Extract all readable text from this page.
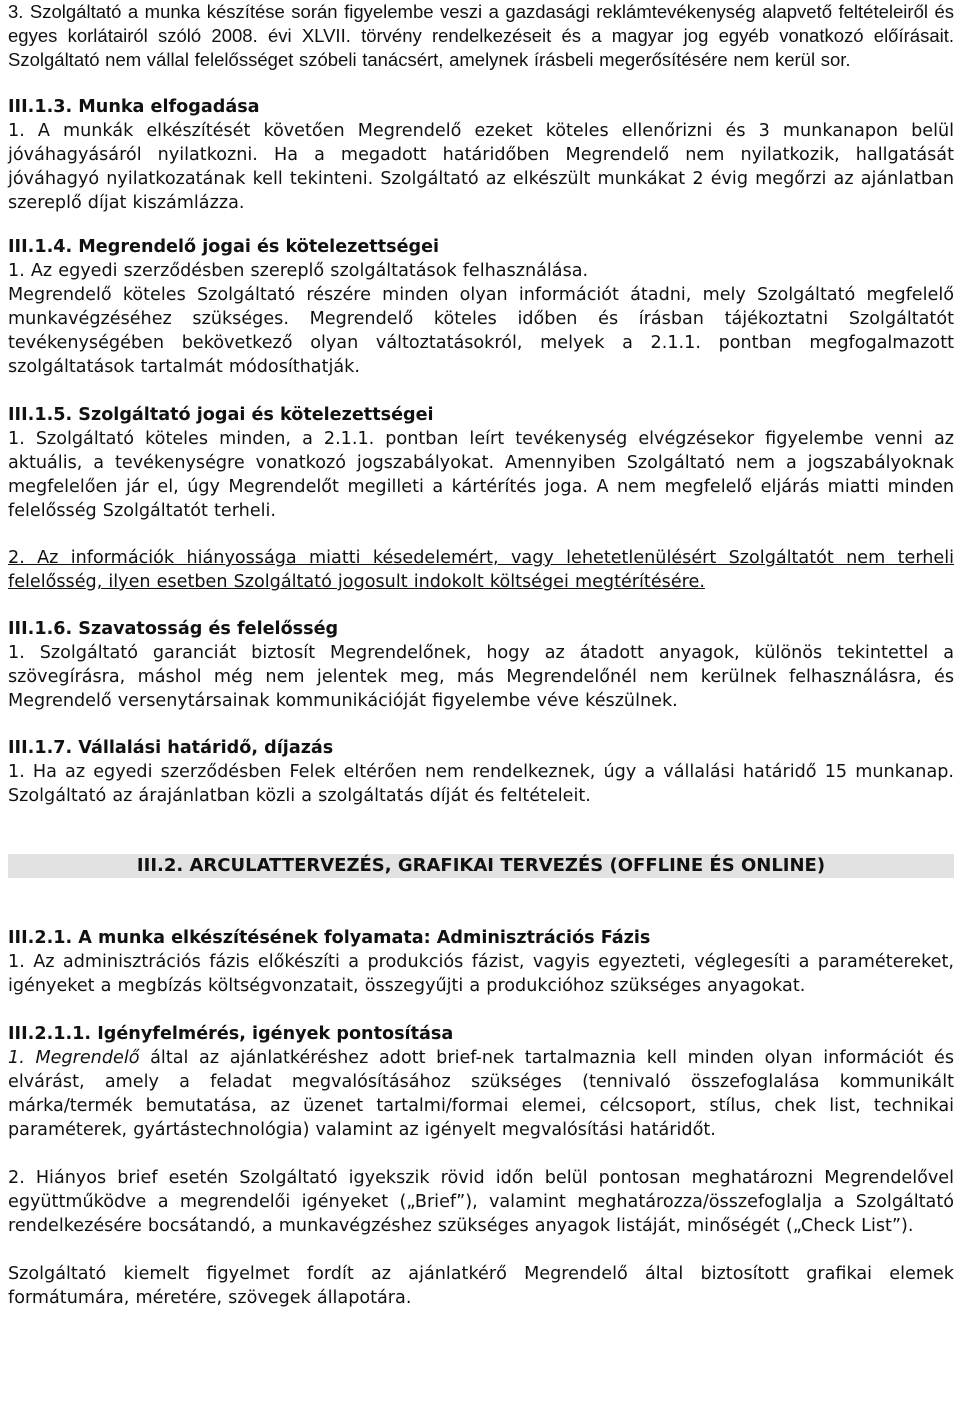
3. Szolgáltató a munka készítése során figyelembe veszi a gazdasági reklámtevékenység alapvető feltételeiről és egyes korlátairól szóló 2008. évi XLVII. törvény rendelkezéseit és a magyar jog egyéb vonatkozó előírásait. Szolgáltató nem vállal felelősséget szóbeli tanácsért, amelynek írásbeli megerősítésére nem kerül sor.

III.1.3. Munka elfogadása

1. A munkák elkészítését követően Megrendelő ezeket köteles ellenőrizni és 3 munkanapon belül jóváhagyásáról nyilatkozni. Ha a megadott határidőben Megrendelő nem nyilatkozik, hallgatását jóváhagyó nyilatkozatának kell tekinteni. Szolgáltató az elkészült munkákat 2 évig megőrzi az ajánlatban szereplő díjat kiszámlázza.

III.1.4. Megrendelő jogai és kötelezettségei

1. Az egyedi szerződésben szereplő szolgáltatások felhasználása.

Megrendelő köteles Szolgáltató részére minden olyan információt átadni, mely Szolgáltató megfelelő munkavégzéséhez szükséges. Megrendelő köteles időben és írásban tájékoztatni Szolgáltatót tevékenységében bekövetkező olyan változtatásokról, melyek a 2.1.1. pontban megfogalmazott szolgáltatások tartalmát módosíthatják.

III.1.5. Szolgáltató jogai és kötelezettségei

1. Szolgáltató köteles minden, a 2.1.1. pontban leírt tevékenység elvégzésekor figyelembe venni az aktuális, a tevékenységre vonatkozó jogszabályokat. Amennyiben Szolgáltató nem a jogszabályoknak megfelelően jár el, úgy Megrendelőt megilleti a kártérítés joga. A nem megfelelő eljárás miatti minden felelősség Szolgáltatót terheli.

2. Az információk hiányossága miatti késedelemért, vagy lehetetlenülésért Szolgáltatót nem terheli felelősség, ilyen esetben Szolgáltató jogosult indokolt költségei megtérítésére.

III.1.6. Szavatosság és felelősség

1. Szolgáltató garanciát biztosít Megrendelőnek, hogy az átadott anyagok, különös tekintettel a szövegírásra, máshol még nem jelentek meg, más Megrendelőnél nem kerülnek felhasználásra, és Megrendelő versenytársainak kommunikációját figyelembe véve készülnek.

III.1.7. Vállalási határidő, díjazás

1. Ha az egyedi szerződésben Felek eltérően nem rendelkeznek, úgy a vállalási határidő 15 munkanap. Szolgáltató az árajánlatban közli a szolgáltatás díját és feltételeit.

III.2. ARCULATTERVEZÉS, GRAFIKAI TERVEZÉS (OFFLINE ÉS ONLINE)
III.2.1. A munka elkészítésének folyamata: Adminisztrációs Fázis

1. Az adminisztrációs fázis előkészíti a produkciós fázist, vagyis egyezteti, véglegesíti a paramétereket, igényeket a megbízás költségvonzatait, összegyűjti a produkcióhoz szükséges anyagokat.

III.2.1.1. Igényfelmérés, igények pontosítása

1. Megrendelő által az ajánlatkéréshez adott brief-nek tartalmaznia kell minden olyan információt és elvárást, amely a feladat megvalósításához szükséges (tennivaló összefoglalása kommunikált márka/termék bemutatása, az üzenet tartalmi/formai elemei, célcsoport, stílus, chek list, technikai paraméterek, gyártástechnológia) valamint az igényelt megvalósítási határidőt.

2. Hiányos brief esetén Szolgáltató igyekszik rövid időn belül pontosan meghatározni Megrendelővel együttműködve a megrendelői igényeket („Brief”), valamint meghatározza/összefoglalja a Szolgáltató rendelkezésére bocsátandó, a munkavégzéshez szükséges anyagok listáját, minőségét („Check List”).

Szolgáltató kiemelt figyelmet fordít az ajánlatkérő Megrendelő által biztosított grafikai elemek formátumára, méretére, szövegek állapotára.
